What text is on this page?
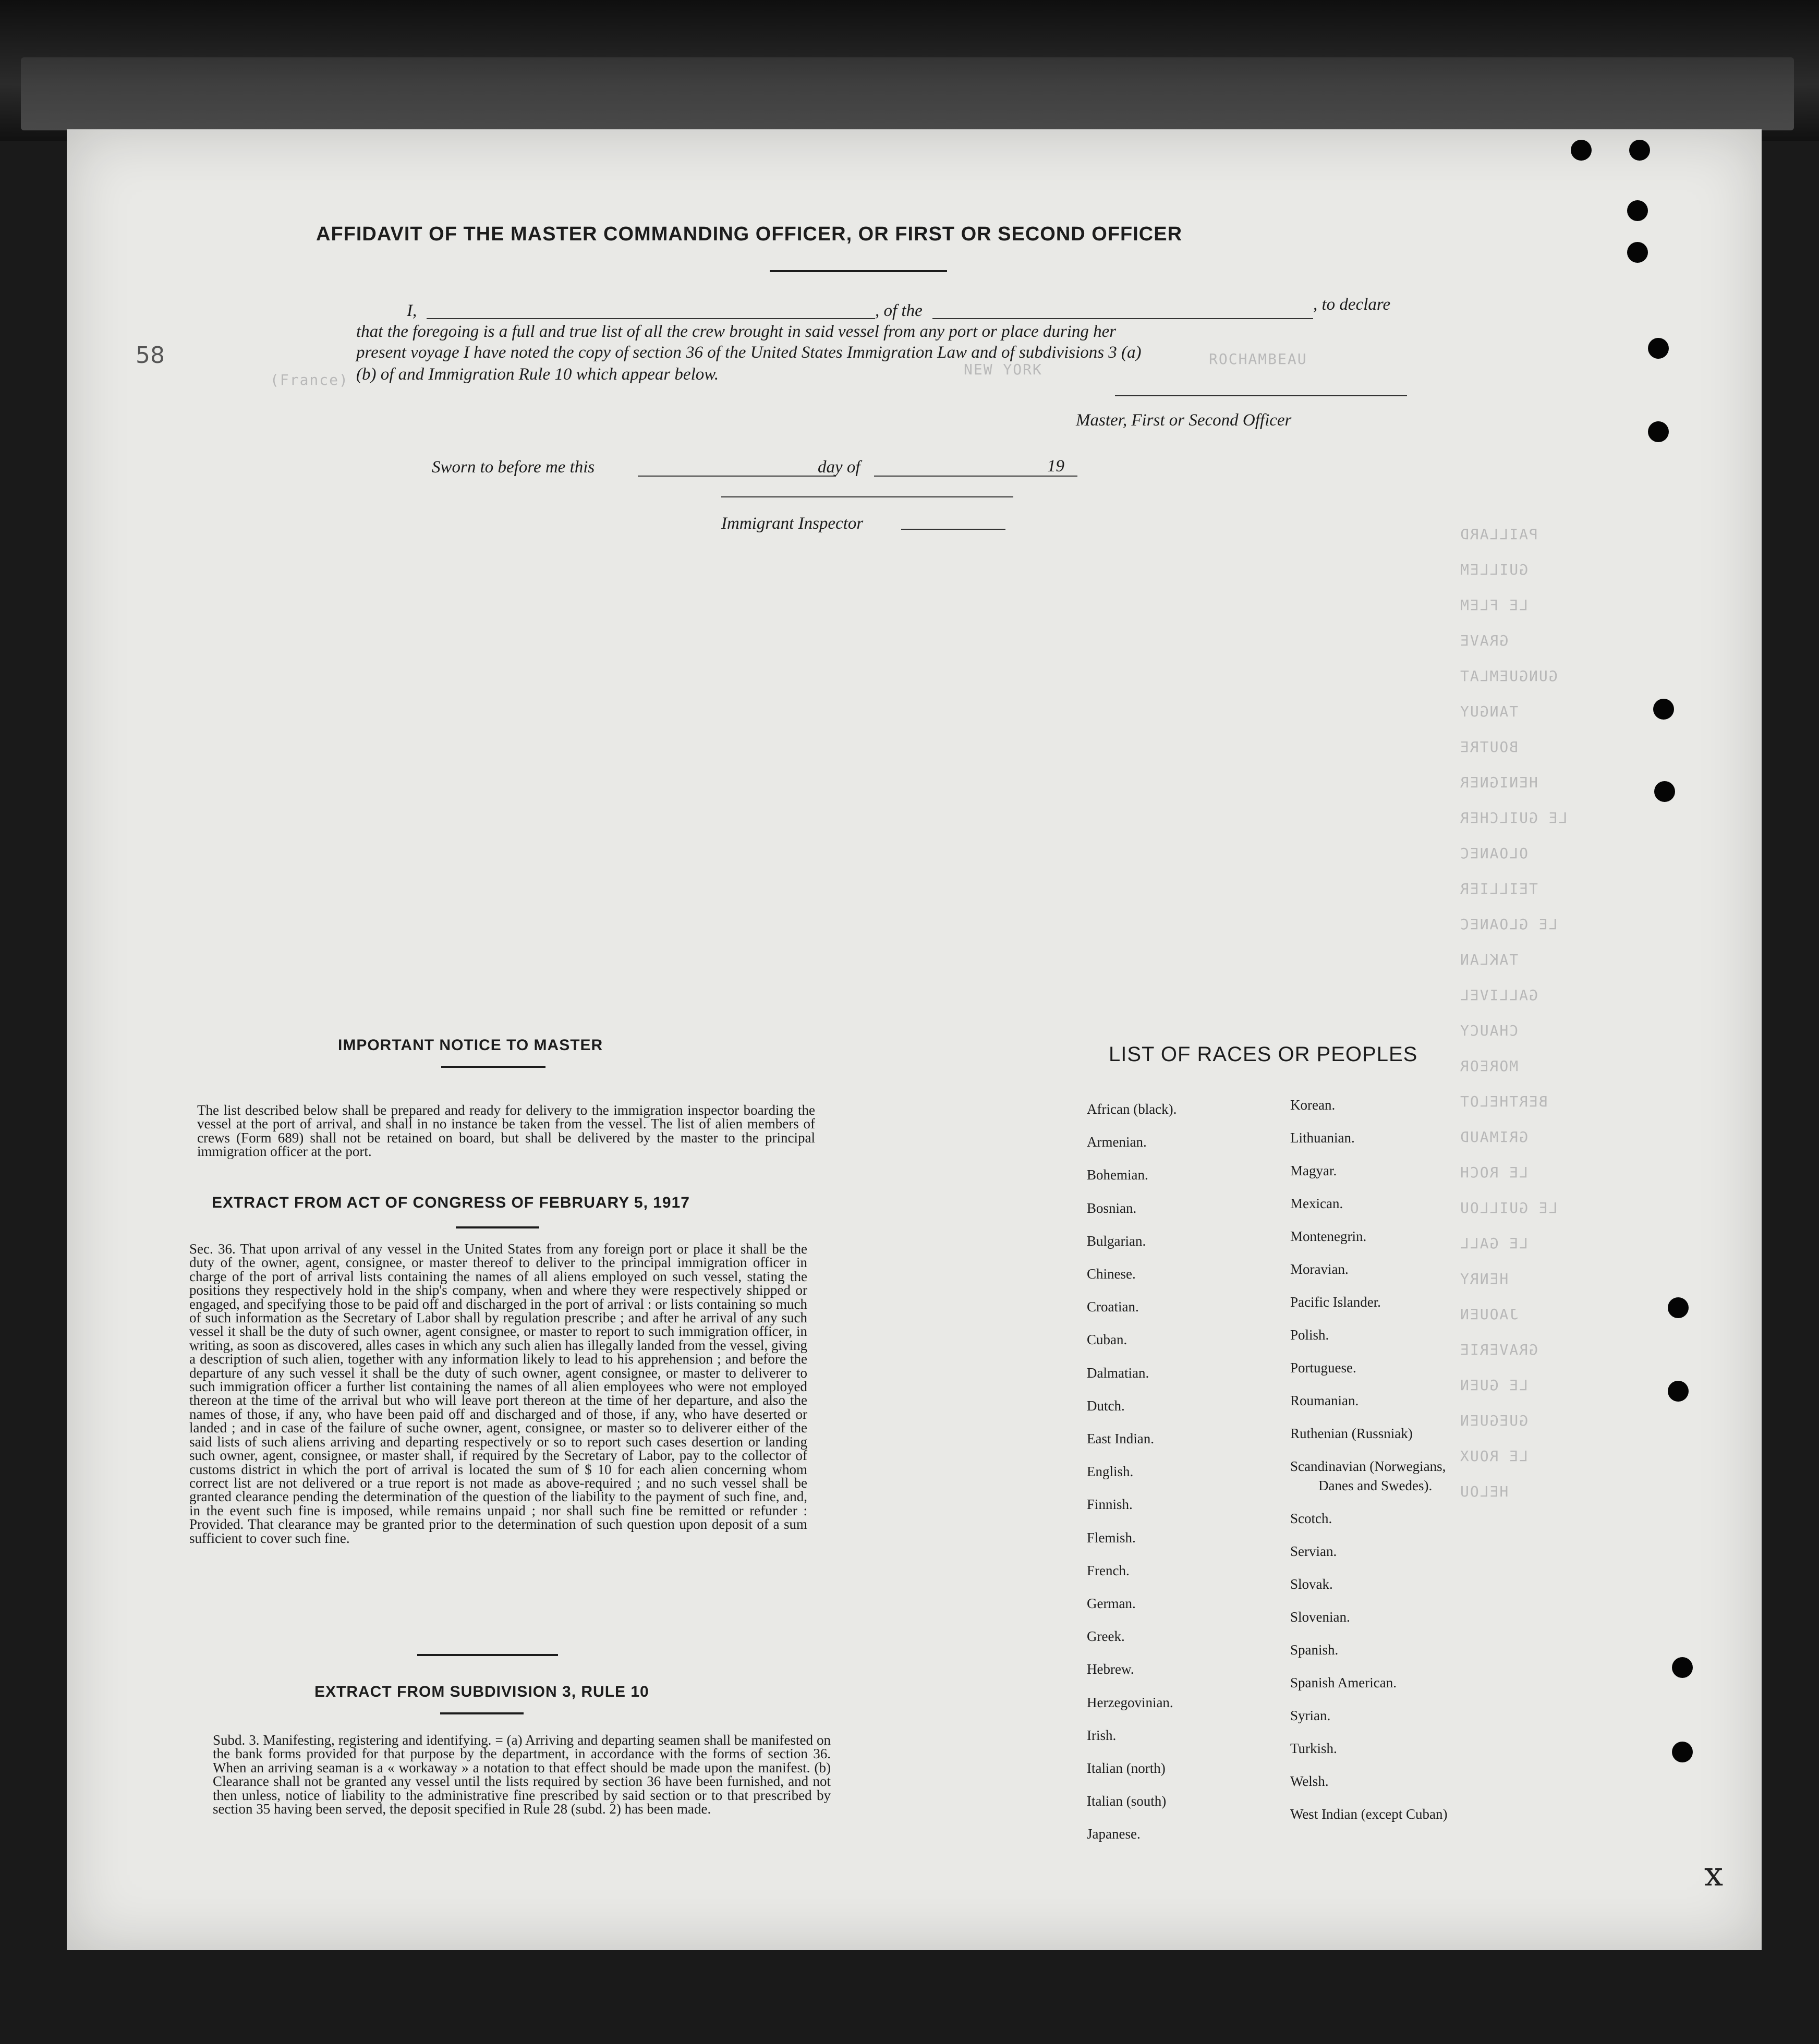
(France)
ROCHAMBEAU
NEW YORK
PAILLARD
GUILLEM
LE FLEM
GRAVE
GUNGUEMLAT
TANGUY
BOUTRE
HENIGNER
LE GUILCHER
OLOANEC
TEILLIER
LE GLOANEC
TAKLAN
GALLIVEL
CHAUCY
MOREOR
BERTHELOT
GRIMAUD
LE ROCH
LE GUILLOU
LE GALL
HENRY
JAOUEN
GRAVERIE
LE GUEN
GUEGUEN
LE ROUX
HELOU
58
x
AFFIDAVIT OF THE MASTER COMMANDING OFFICER, OR FIRST OR SECOND OFFICER
I,	, of the	, to declare
that the foregoing is a full and true list of all the crew brought in said vessel from any port or place during her
present voyage I have noted the copy of section 36 of the United States Immigration Law and of subdivisions 3 (a)
(b) of and Immigration Rule 10 which appear below.
Master, First or Second Officer
Sworn to before me this	day of	19
Immigrant Inspector
IMPORTANT NOTICE TO MASTER
The list described below shall be prepared and ready for delivery to the immigration inspector boarding the vessel at the port of arrival, and shall in no instance be taken from the vessel. The list of alien members of crews (Form 689) shall not be retained on board, but shall be delivered by the master to the principal immigration officer at the port.
EXTRACT FROM ACT OF CONGRESS OF FEBRUARY 5, 1917
Sec. 36. That upon arrival of any vessel in the United States from any foreign port or place it shall be the duty of the owner, agent, consignee, or master thereof to deliver to the principal immigration officer in charge of the port of arrival lists containing the names of all aliens employed on such vessel, stating the positions they respectively hold in the ship's company, when and where they were respectively shipped or engaged, and specifying those to be paid off and discharged in the port of arrival : or lists containing so much of such information as the Secretary of Labor shall by regulation prescribe ; and after he arrival of any such vessel it shall be the duty of such owner, agent consignee, or master to report to such immigration officer, in writing, as soon as discovered, alles cases in which any such alien has illegally landed from the vessel, giving a description of such alien, together with any information likely to lead to his apprehension ; and before the departure of any such vessel it shall be the duty of such owner, agent consignee, or master to deliverer to such immigration officer a further list containing the names of all alien employees who were not employed thereon at the time of the arrival but who will leave port thereon at the time of her departure, and also the names of those, if any, who have been paid off and discharged and of those, if any, who have deserted or landed ; and in case of the failure of suche owner, agent, consignee, or master so to deliverer either of the said lists of such aliens arriving and departing respectively or so to report such cases desertion or landing such owner, agent, consignee, or master shall, if required by the Secretary of Labor, pay to the collector of customs district in which the port of arrival is located the sum of $ 10 for each alien concerning whom correct list are not delivered or a true report is not made as above-required ; and no such vessel shall be granted clearance pending the determination of the question of the liability to the payment of such fine, and, in the event such fine is imposed, while remains unpaid ; nor shall such fine be remitted or refunder : Provided. That clearance may be granted prior to the determination of such question upon deposit of a sum sufficient to cover such fine.
EXTRACT FROM SUBDIVISION 3, RULE 10
Subd. 3. Manifesting, registering and identifying. = (a) Arriving and departing seamen shall be manifested on the bank forms provided for that purpose by the department, in accordance with the forms of section 36. When an arriving seaman is a « workaway » a notation to that effect should be made upon the manifest. (b) Clearance shall not be granted any vessel until the lists required by section 36 have been furnished, and not then unless, notice of liability to the administrative fine prescribed by said section or to that prescribed by section 35 having been served, the deposit specified in Rule 28 (subd. 2) has been made.
LIST OF RACES OR PEOPLES
African (black).
Armenian.
Bohemian.
Bosnian.
Bulgarian.
Chinese.
Croatian.
Cuban.
Dalmatian.
Dutch.
East Indian.
English.
Finnish.
Flemish.
French.
German.
Greek.
Hebrew.
Herzegovinian.
Irish.
Italian (north)
Italian (south)
Japanese.
Korean.
Lithuanian.
Magyar.
Mexican.
Montenegrin.
Moravian.
Pacific Islander.
Polish.
Portuguese.
Roumanian.
Ruthenian (Russniak)
Scandinavian (Norwegians,
Danes and Swedes).
Scotch.
Servian.
Slovak.
Slovenian.
Spanish.
Spanish American.
Syrian.
Turkish.
Welsh.
West Indian (except Cuban)
